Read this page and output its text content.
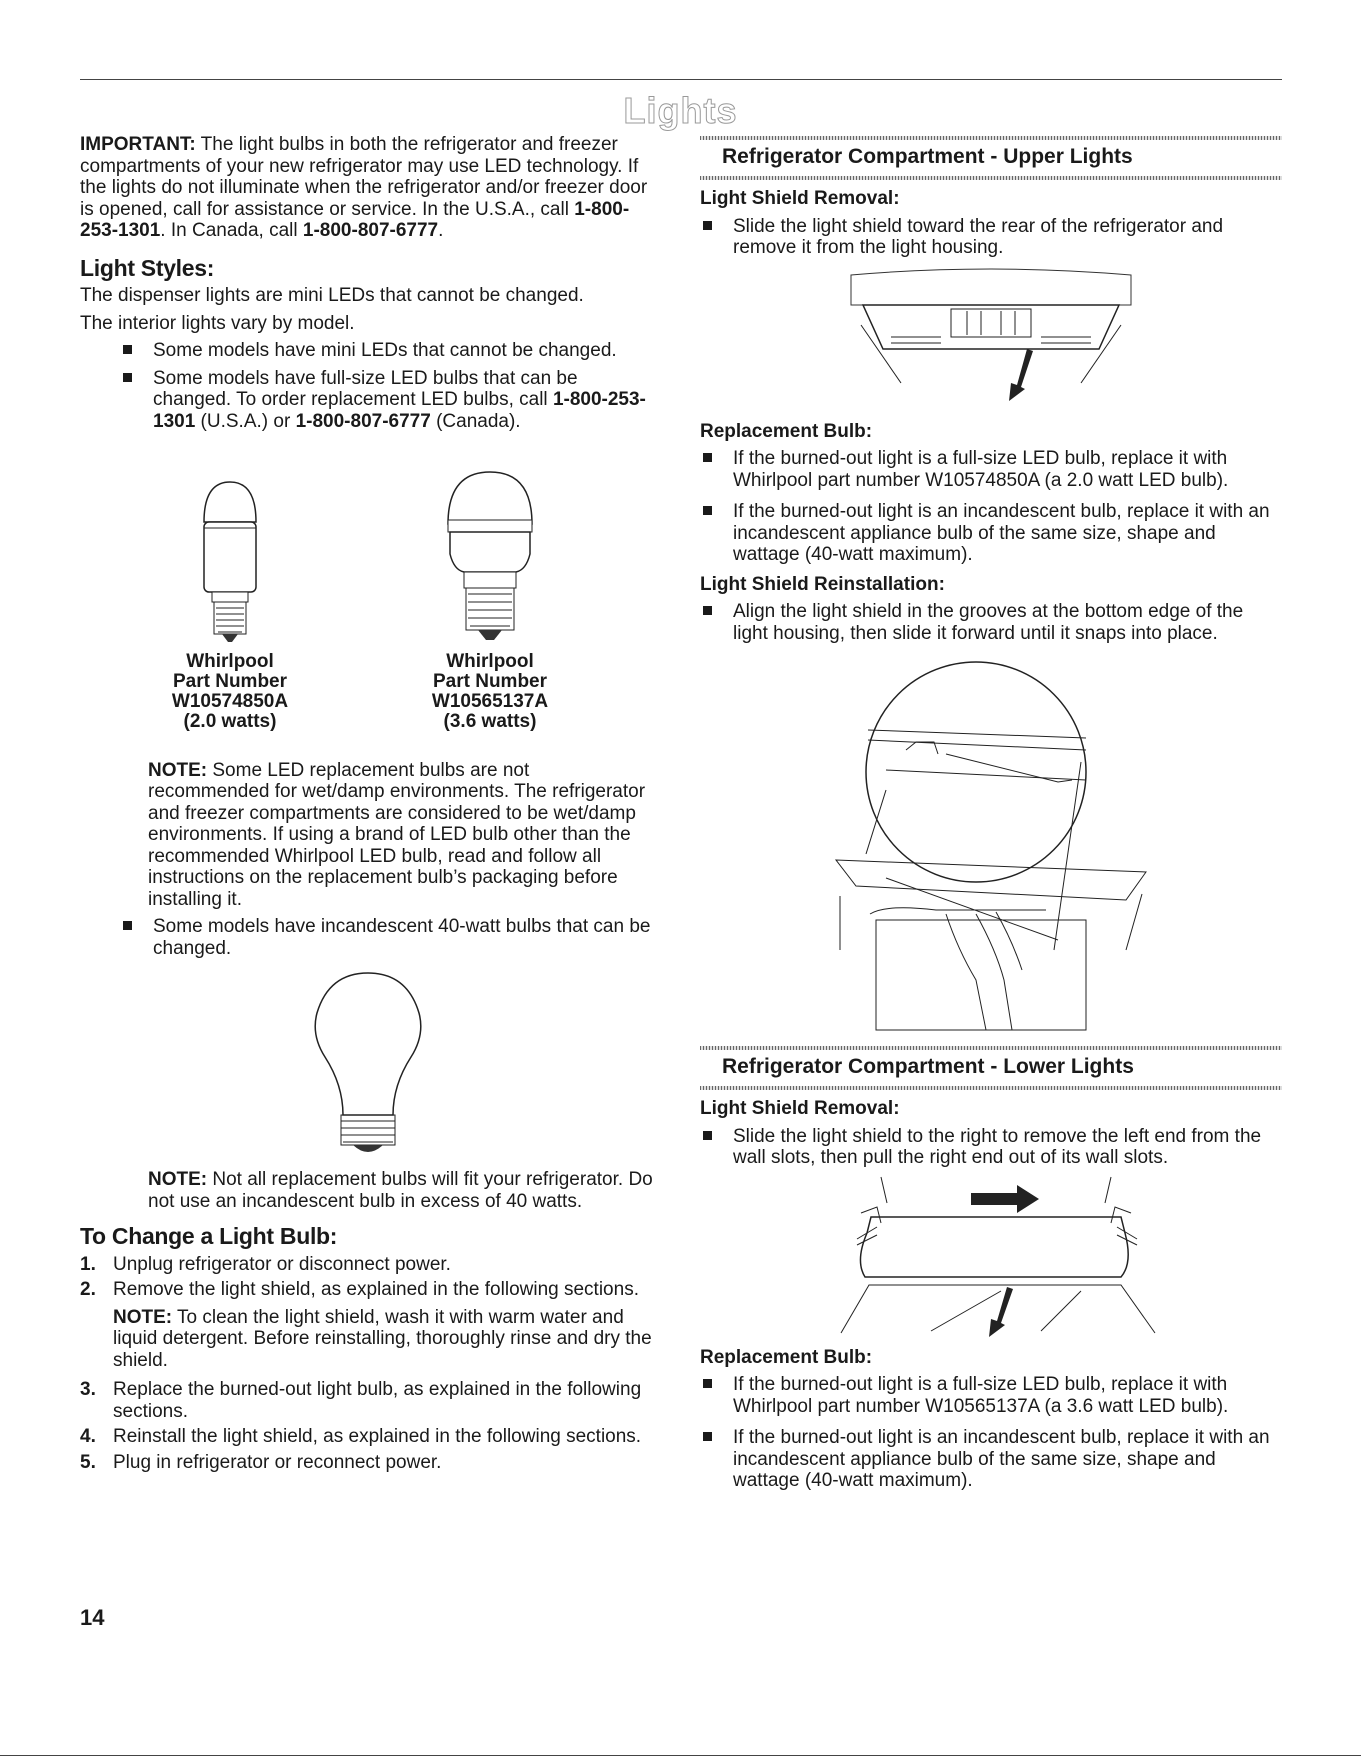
Lights

IMPORTANT: The light bulbs in both the refrigerator and freezer compartments of your new refrigerator may use LED technology. If the lights do not illuminate when the refrigerator and/or freezer door is opened, call for assistance or service. In the U.S.A., call 1-800-253-1301. In Canada, call 1-800-807-6777.

Light Styles:

The dispenser lights are mini LEDs that cannot be changed.

The interior lights vary by model.

Some models have mini LEDs that cannot be changed.
Some models have full-size LED bulbs that can be changed. To order replacement LED bulbs, call 1-800-253-1301 (U.S.A.) or 1-800-807-6777 (Canada).
Whirlpool
Part Number
W10574850A
(2.0 watts)
Whirlpool
Part Number
W10565137A
(3.6 watts)

NOTE: Some LED replacement bulbs are not recommended for wet/damp environments. The refrigerator and freezer compartments are considered to be wet/damp environments. If using a brand of LED bulb other than the recommended Whirlpool LED bulb, read and follow all instructions on the replacement bulb’s packaging before installing it.

Some models have incandescent 40-watt bulbs that can be changed.

NOTE: Not all replacement bulbs will fit your refrigerator. Do not use an incandescent bulb in excess of 40 watts.

To Change a Light Bulb:
1. Unplug refrigerator or disconnect power.
2. Remove the light shield, as explained in the following sections.
NOTE: To clean the light shield, wash it with warm water and liquid detergent. Before reinstalling, thoroughly rinse and dry the shield.
3. Replace the burned-out light bulb, as explained in the following sections.
4. Reinstall the light shield, as explained in the following sections.
5. Plug in refrigerator or reconnect power.
Refrigerator Compartment - Upper Lights
Light Shield Removal:
Slide the light shield toward the rear of the refrigerator and remove it from the light housing.
Replacement Bulb:
If the burned-out light is a full-size LED bulb, replace it with Whirlpool part number W10574850A (a 2.0 watt LED bulb).
If the burned-out light is an incandescent bulb, replace it with an incandescent appliance bulb of the same size, shape and wattage (40-watt maximum).
Light Shield Reinstallation:
Align the light shield in the grooves at the bottom edge of the light housing, then slide it forward until it snaps into place.
Refrigerator Compartment - Lower Lights
Light Shield Removal:
Slide the light shield to the right to remove the left end from the wall slots, then pull the right end out of its wall slots.
Replacement Bulb:
If the burned-out light is a full-size LED bulb, replace it with Whirlpool part number W10565137A (a 3.6 watt LED bulb).
If the burned-out light is an incandescent bulb, replace it with an incandescent appliance bulb of the same size, shape and wattage (40-watt maximum).
14
